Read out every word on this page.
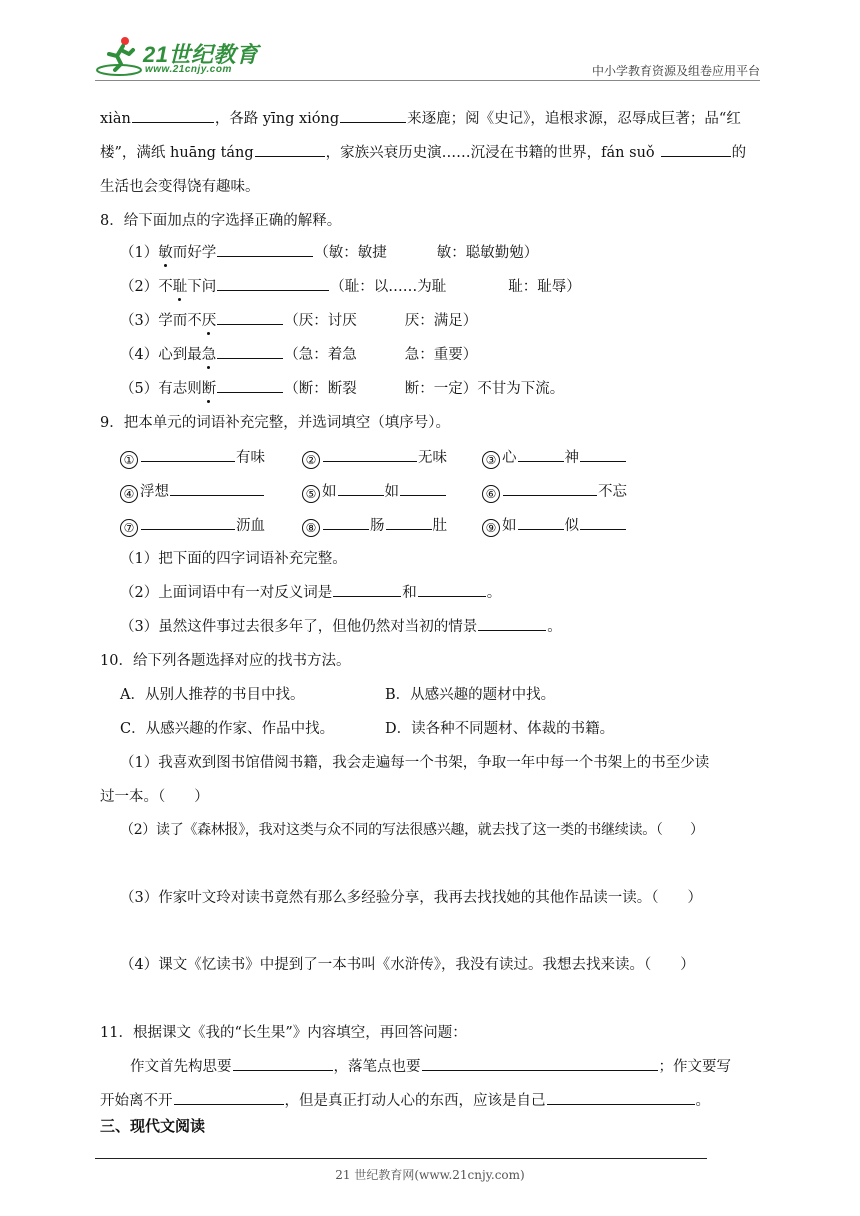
21世纪教育
www.21cnjy.com	中小学教育资源及组卷应用平台
xiàn	，各路 yīng xióng	来逐鹿；阅《史记》，追根求源，忍辱成巨著；品“红
楼”，满纸 huāng táng	，家族兴衰历史演……沉浸在书籍的世界，fán suǒ	的
生活也会变得饶有趣味。
8．给下面加点的字选择正确的解释。
（1）敏而好学	（敏：敏捷	敏：聪敏勤勉）
（2）不耻下问	（耻：以……为耻	耻：耻辱）
（3）学而不厌	（厌：讨厌	厌：满足）
（4）心到最急	（急：着急	急：重要）
（5）有志则断	（断：断裂	断：一定）不甘为下流。
9．把本单元的词语补充完整，并选词填空（填序号）。
①	有味	②	无味	③ 心	神
④ 浮想	⑤ 如	如	⑥	不忘
⑦	沥血	⑧	肠	肚	⑨ 如	似
（1）把下面的四字词语补充完整。
（2）上面词语中有一对反义词是	和	。
（3）虽然这件事过去很多年了，但他仍然对当初的情景	。
10．给下列各题选择对应的找书方法。
A．从别人推荐的书目中找。	B．从感兴趣的题材中找。
C．从感兴趣的作家、作品中找。	D．读各种不同题材、体裁的书籍。
（1）我喜欢到图书馆借阅书籍，我会走遍每一个书架，争取一年中每一个书架上的书至少读
过一本。（　　）
（2）读了《森林报》，我对这类与众不同的写法很感兴趣，就去找了这一类的书继续读。（　　）
（3）作家叶文玲对读书竟然有那么多经验分享，我再去找找她的其他作品读一读。（　　）
（4）课文《忆读书》中提到了一本书叫《水浒传》，我没有读过。我想去找来读。（　　）
11．根据课文《我的“长生果”》内容填空，再回答问题：
作文首先构思要	，落笔点也要	；作文要写
开始离不开	，但是真正打动人心的东西，应该是自己	。
三、现代文阅读
21 世纪教育网(www.21cnjy.com)
